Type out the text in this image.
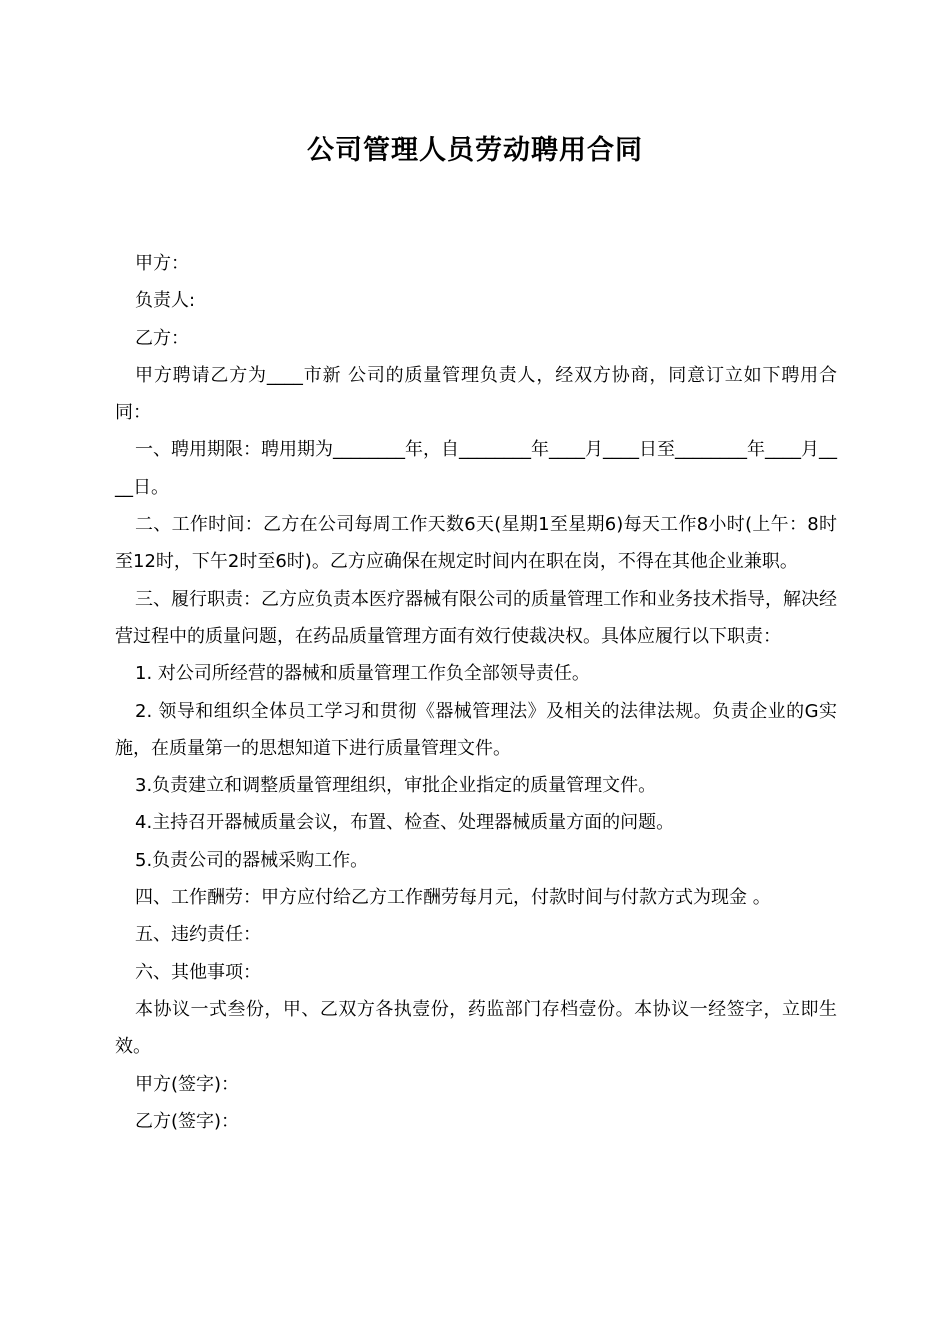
公司管理人员劳动聘用合同

甲方：

负责人:

乙方：

甲方聘请乙方为____市新 公司的质量管理负责人，经双方协商，同意订立如下聘用合同：

一、聘用期限：聘用期为________年，自________年____月____日至________年____月____日。

二、工作时间：乙方在公司每周工作天数6天(星期1至星期6)每天工作8小时(上午：8时至12时，下午2时至6时)。乙方应确保在规定时间内在职在岗，不得在其他企业兼职。

三、履行职责：乙方应负责本医疗器械有限公司的质量管理工作和业务技术指导，解决经营过程中的质量问题，在药品质量管理方面有效行使裁决权。具体应履行以下职责：

1. 对公司所经营的器械和质量管理工作负全部领导责任。

2. 领导和组织全体员工学习和贯彻《器械管理法》及相关的法律法规。负责企业的G实施，在质量第一的思想知道下进行质量管理文件。

3.负责建立和调整质量管理组织，审批企业指定的质量管理文件。

4.主持召开器械质量会议，布置、检查、处理器械质量方面的问题。

5.负责公司的器械采购工作。

四、工作酬劳：甲方应付给乙方工作酬劳每月元，付款时间与付款方式为现金 。

五、违约责任：

六、其他事项：

本协议一式叁份，甲、乙双方各执壹份，药监部门存档壹份。本协议一经签字，立即生效。

甲方(签字)：

乙方(签字)：
